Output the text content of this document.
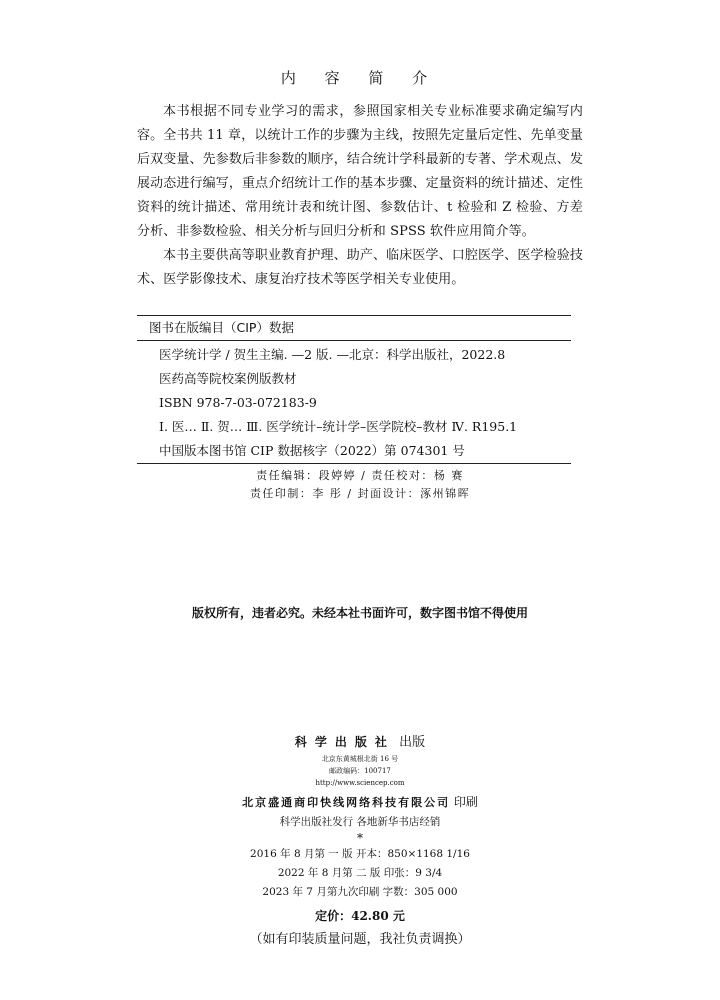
内 容 简 介

本书根据不同专业学习的需求，参照国家相关专业标准要求确定编写内容。全书共 11 章，以统计工作的步骤为主线，按照先定量后定性、先单变量后双变量、先参数后非参数的顺序，结合统计学科最新的专著、学术观点、发展动态进行编写，重点介绍统计工作的基本步骤、定量资料的统计描述、定性资料的统计描述、常用统计表和统计图、参数估计、t 检验和 Z 检验、方差分析、非参数检验、相关分析与回归分析和 SPSS 软件应用简介等。

本书主要供高等职业教育护理、助产、临床医学、口腔医学、医学检验技术、医学影像技术、康复治疗技术等医学相关专业使用。

图书在版编目（CIP）数据
医学统计学 / 贺生主编. —2 版. —北京：科学出版社，2022.8
医药高等院校案例版教材
ISBN 978-7-03-072183-9
Ⅰ. 医… Ⅱ. 贺… Ⅲ. 医学统计–统计学–医学院校–教材 Ⅳ. R195.1
中国版本图书馆 CIP 数据核字（2022）第 074301 号
责任编辑：段婷婷 / 责任校对：杨 赛
责任印制：李 彤 / 封面设计：涿州锦晖
版权所有，违者必究。未经本社书面许可，数字图书馆不得使用
科学出版社 出版
北京东黄城根北街 16 号
邮政编码：100717
http://www.sciencep.com
北京盛通商印快线网络科技有限公司 印刷
科学出版社发行 各地新华书店经销
*
2016 年 8 月第 一 版 开本：850×1168 1/16
2022 年 8 月第 二 版 印张：9 3/4
2023 年 7 月第九次印刷 字数：305 000
定价：42.80 元
（如有印装质量问题，我社负责调换）
